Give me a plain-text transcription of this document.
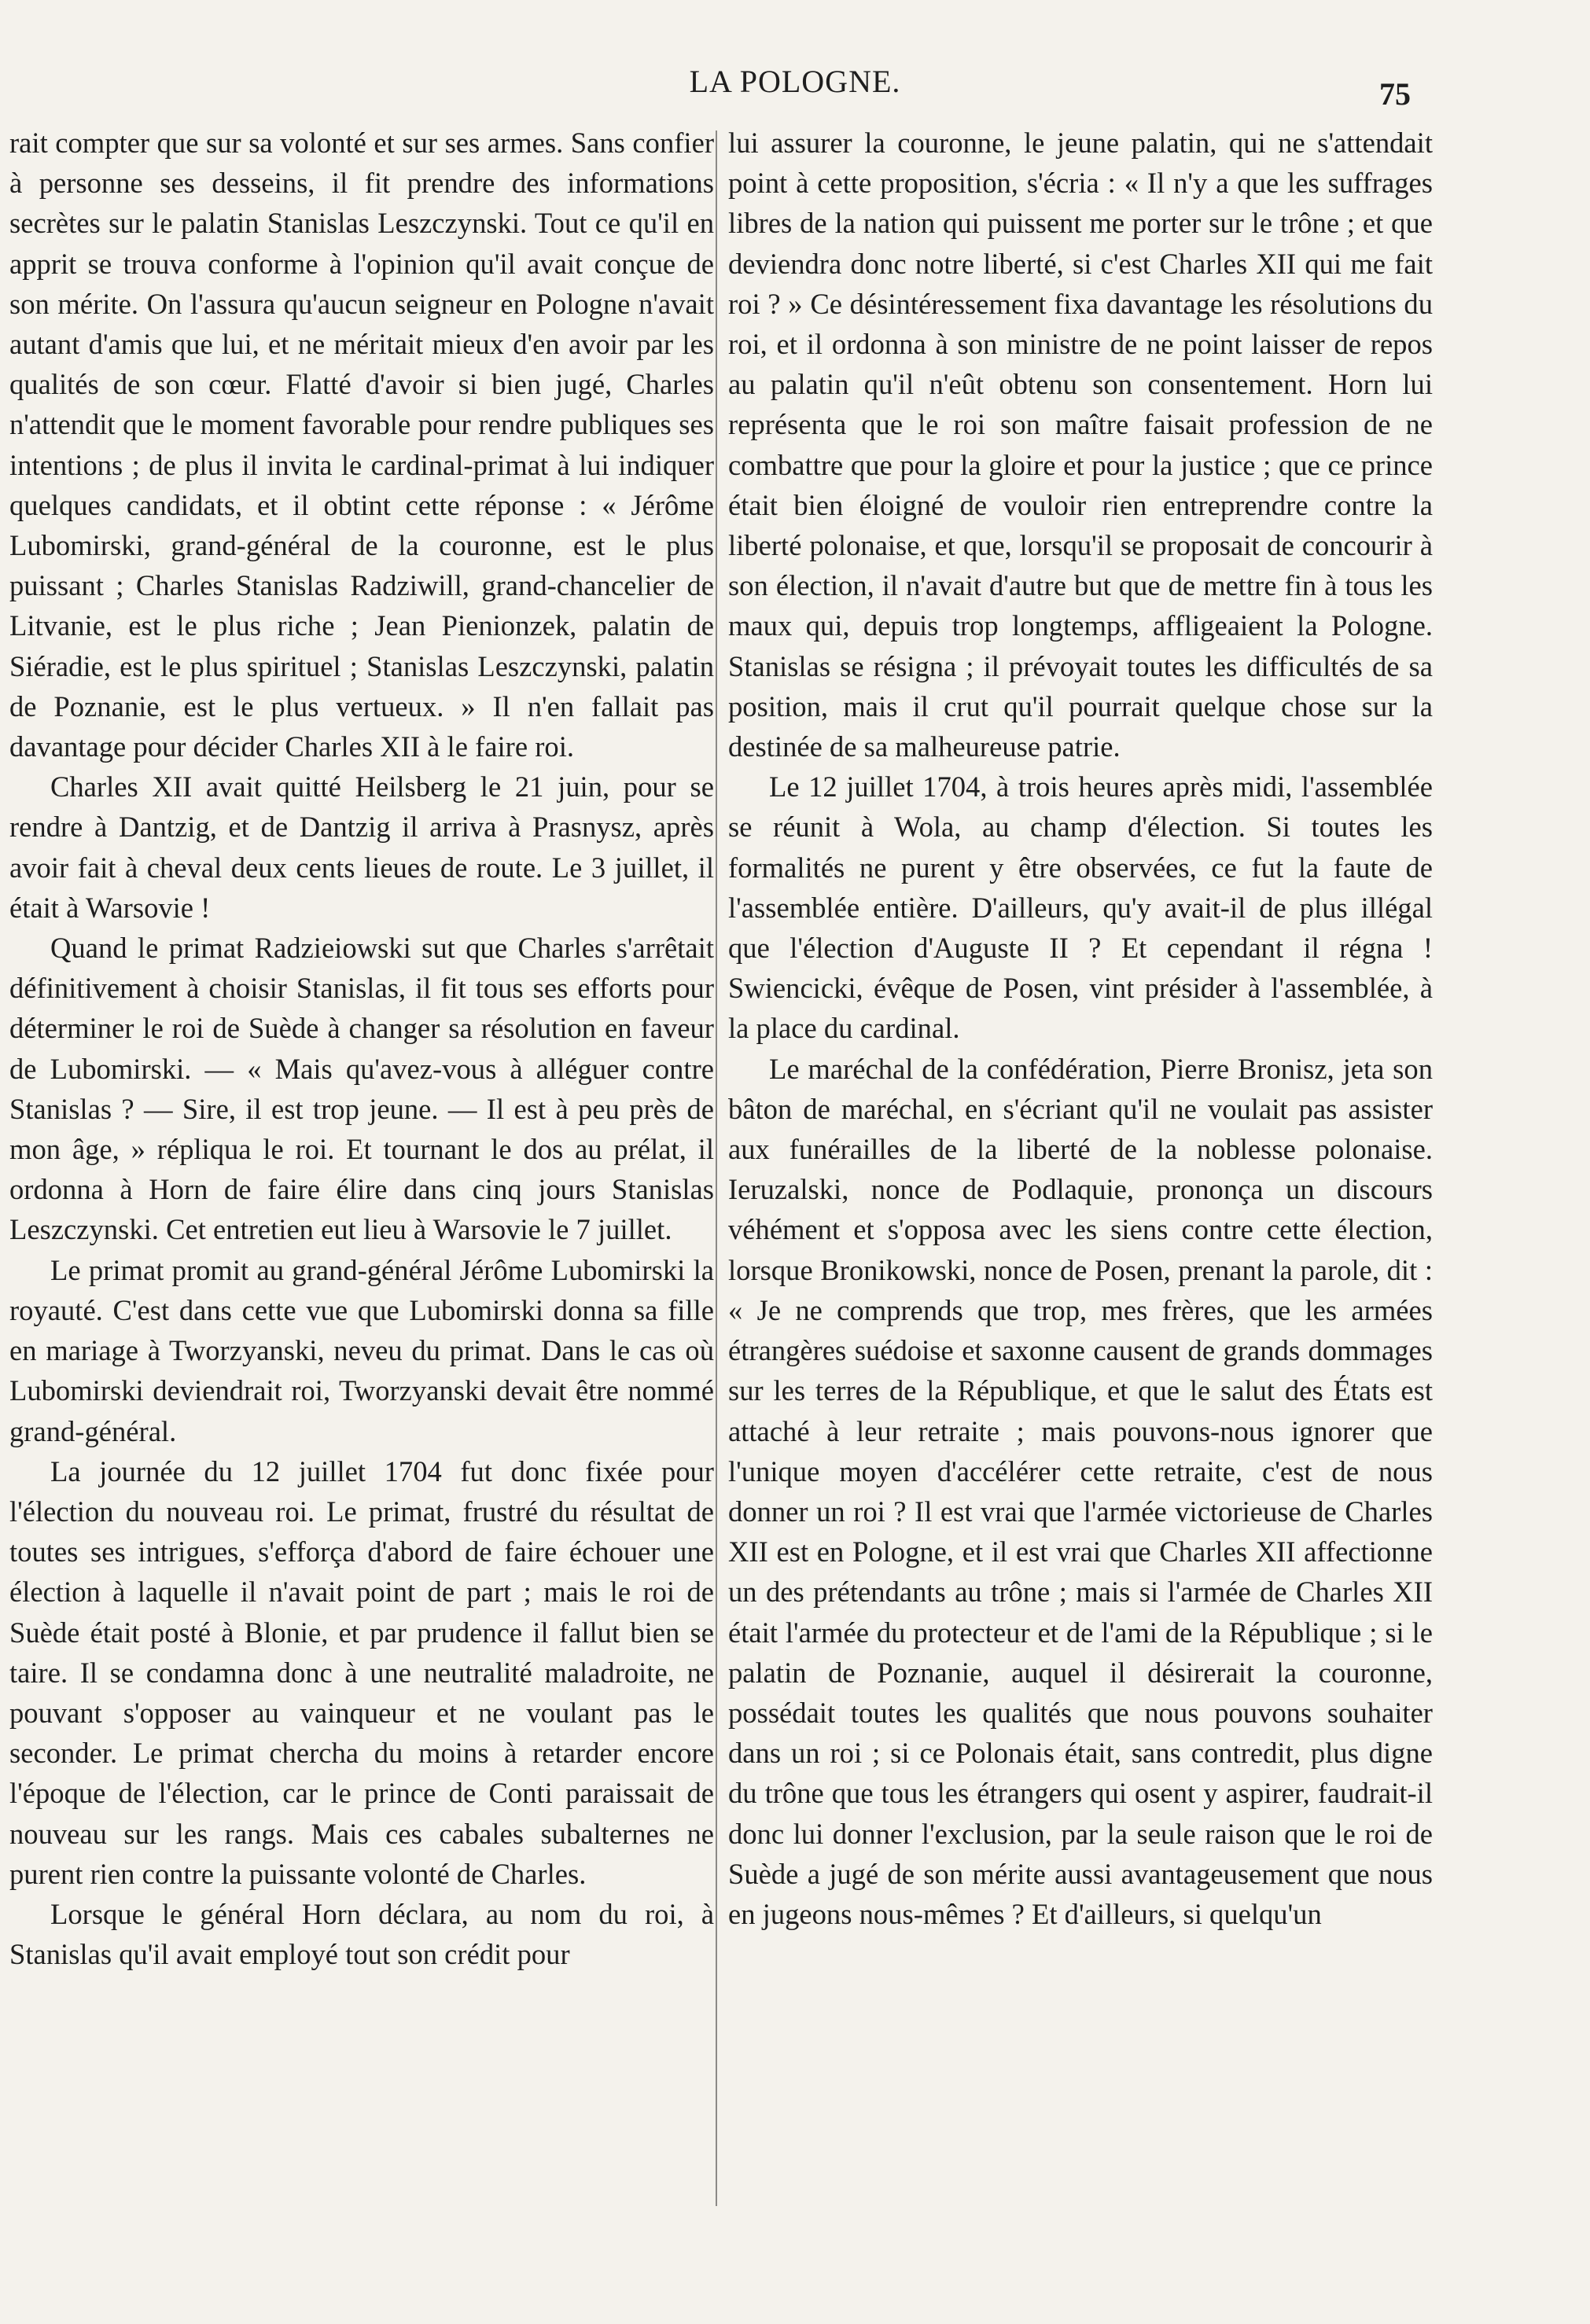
LA POLOGNE.	75

rait compter que sur sa volonté et sur ses armes. Sans confier à personne ses desseins, il fit prendre des informations secrètes sur le palatin Stanislas Leszczynski. Tout ce qu'il en apprit se trouva conforme à l'opinion qu'il avait conçue de son mérite. On l'assura qu'aucun seigneur en Pologne n'avait autant d'amis que lui, et ne méritait mieux d'en avoir par les qualités de son cœur. Flatté d'avoir si bien jugé, Charles n'attendit que le moment favorable pour rendre publiques ses intentions ; de plus il invita le cardinal-primat à lui indiquer quelques candidats, et il obtint cette réponse : « Jérôme Lubomirski, grand-général de la couronne, est le plus puissant ; Charles Stanislas Radziwill, grand-chancelier de Litvanie, est le plus riche ; Jean Pienionzek, palatin de Siéradie, est le plus spirituel ; Stanislas Leszczynski, palatin de Poznanie, est le plus vertueux. » Il n'en fallait pas davantage pour décider Charles XII à le faire roi.

Charles XII avait quitté Heilsberg le 21 juin, pour se rendre à Dantzig, et de Dantzig il arriva à Prasnysz, après avoir fait à cheval deux cents lieues de route. Le 3 juillet, il était à Warsovie !

Quand le primat Radzieiowski sut que Charles s'arrêtait définitivement à choisir Stanislas, il fit tous ses efforts pour déterminer le roi de Suède à changer sa résolution en faveur de Lubomirski. — « Mais qu'avez-vous à alléguer contre Stanislas ? — Sire, il est trop jeune. — Il est à peu près de mon âge, » répliqua le roi. Et tournant le dos au prélat, il ordonna à Horn de faire élire dans cinq jours Stanislas Leszczynski. Cet entretien eut lieu à Warsovie le 7 juillet.

Le primat promit au grand-général Jérôme Lubomirski la royauté. C'est dans cette vue que Lubomirski donna sa fille en mariage à Tworzyanski, neveu du primat. Dans le cas où Lubomirski deviendrait roi, Tworzyanski devait être nommé grand-général.

La journée du 12 juillet 1704 fut donc fixée pour l'élection du nouveau roi. Le primat, frustré du résultat de toutes ses intrigues, s'efforça d'abord de faire échouer une élection à laquelle il n'avait point de part ; mais le roi de Suède était posté à Blonie, et par prudence il fallut bien se taire. Il se condamna donc à une neutralité maladroite, ne pouvant s'opposer au vainqueur et ne voulant pas le seconder. Le primat chercha du moins à retarder encore l'époque de l'élection, car le prince de Conti paraissait de nouveau sur les rangs. Mais ces cabales subalternes ne purent rien contre la puissante volonté de Charles.

Lorsque le général Horn déclara, au nom du roi, à Stanislas qu'il avait employé tout son crédit pour

lui assurer la couronne, le jeune palatin, qui ne s'attendait point à cette proposition, s'écria : « Il n'y a que les suffrages libres de la nation qui puissent me porter sur le trône ; et que deviendra donc notre liberté, si c'est Charles XII qui me fait roi ? » Ce désintéressement fixa davantage les résolutions du roi, et il ordonna à son ministre de ne point laisser de repos au palatin qu'il n'eût obtenu son consentement. Horn lui représenta que le roi son maître faisait profession de ne combattre que pour la gloire et pour la justice ; que ce prince était bien éloigné de vouloir rien entreprendre contre la liberté polonaise, et que, lorsqu'il se proposait de concourir à son élection, il n'avait d'autre but que de mettre fin à tous les maux qui, depuis trop longtemps, affligeaient la Pologne. Stanislas se résigna ; il prévoyait toutes les difficultés de sa position, mais il crut qu'il pourrait quelque chose sur la destinée de sa malheureuse patrie.

Le 12 juillet 1704, à trois heures après midi, l'assemblée se réunit à Wola, au champ d'élection. Si toutes les formalités ne purent y être observées, ce fut la faute de l'assemblée entière. D'ailleurs, qu'y avait-il de plus illégal que l'élection d'Auguste II ? Et cependant il régna ! Swiencicki, évêque de Posen, vint présider à l'assemblée, à la place du cardinal.

Le maréchal de la confédération, Pierre Bronisz, jeta son bâton de maréchal, en s'écriant qu'il ne voulait pas assister aux funérailles de la liberté de la noblesse polonaise. Ieruzalski, nonce de Podlaquie, prononça un discours véhément et s'opposa avec les siens contre cette élection, lorsque Bronikowski, nonce de Posen, prenant la parole, dit : « Je ne comprends que trop, mes frères, que les armées étrangères suédoise et saxonne causent de grands dommages sur les terres de la République, et que le salut des États est attaché à leur retraite ; mais pouvons-nous ignorer que l'unique moyen d'accélérer cette retraite, c'est de nous donner un roi ? Il est vrai que l'armée victorieuse de Charles XII est en Pologne, et il est vrai que Charles XII affectionne un des prétendants au trône ; mais si l'armée de Charles XII était l'armée du protecteur et de l'ami de la République ; si le palatin de Poznanie, auquel il désirerait la couronne, possédait toutes les qualités que nous pouvons souhaiter dans un roi ; si ce Polonais était, sans contredit, plus digne du trône que tous les étrangers qui osent y aspirer, faudrait-il donc lui donner l'exclusion, par la seule raison que le roi de Suède a jugé de son mérite aussi avantageusement que nous en jugeons nous-mêmes ? Et d'ailleurs, si quelqu'un
